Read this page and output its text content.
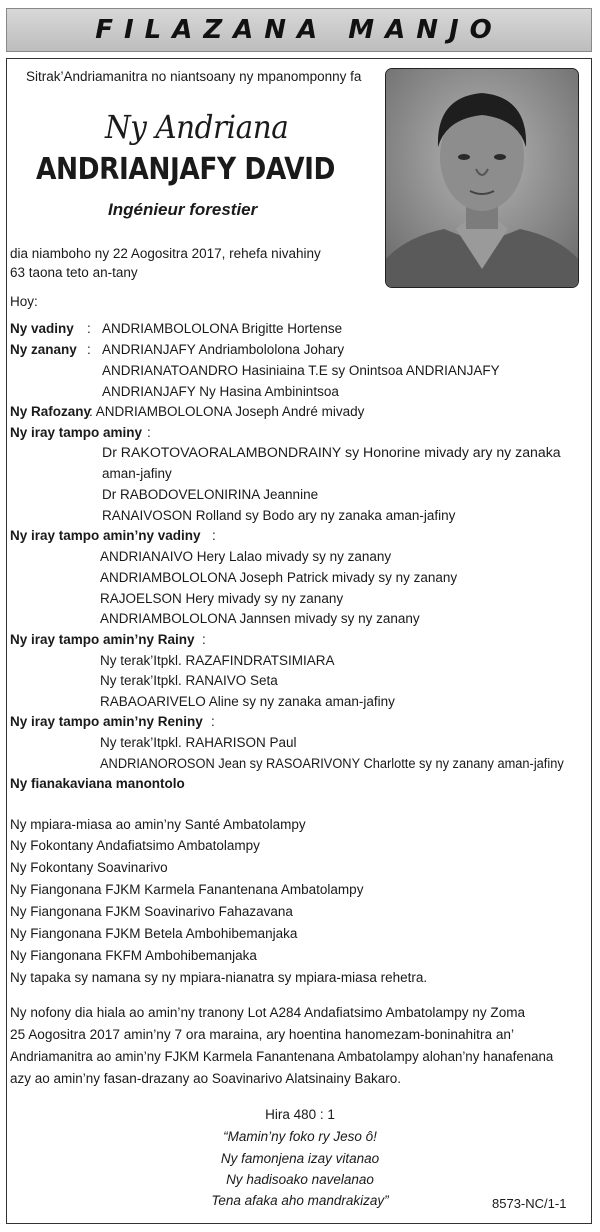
FILAZANA MANJO
Sitrak’Andriamanitra no niantsoany ny mpanomponny fa
Ny Andriana
ANDRIANJAFY DAVID
Ingénieur forestier
dia niamboho ny 22 Aogositra 2017, rehefa nivahiny
63 taona teto an-tany
Hoy:
Ny vadiny : ANDRIAMBOLOLONA Brigitte Hortense
Ny zanany : ANDRIANJAFY Andriambololona Johary
ANDRIANATOANDRO Hasiniaina T.E sy Onintsoa ANDRIANJAFY
ANDRIANJAFY Ny Hasina Ambinintsoa
Ny Rafozany
: ANDRIAMBOLOLONA Joseph André mivady
Ny iray tampo aminy :
Dr RAKOTOVAORALAMBONDRAINY sy Honorine mivady ary ny zanaka
aman-jafiny
Dr RABODOVELONIRINA Jeannine
RANAIVOSON Rolland sy Bodo ary ny zanaka aman-jafiny
Ny iray tampo amin’ny vadiny :
ANDRIANAIVO Hery Lalao mivady sy ny zanany
ANDRIAMBOLOLONA Joseph Patrick mivady sy ny zanany
RAJOELSON Hery mivady sy ny zanany
ANDRIAMBOLOLONA Jannsen mivady sy ny zanany
Ny iray tampo amin’ny Rainy :
Ny terak’Itpkl. RAZAFINDRATSIMIARA
Ny terak’Itpkl. RANAIVO Seta
RABAOARIVELO Aline sy ny zanaka aman-jafiny
Ny iray tampo amin’ny Reniny :
Ny terak’Itpkl. RAHARISON Paul
ANDRIANOROSON Jean sy RASOARIVONY Charlotte sy ny zanany aman-jafiny
Ny fianakaviana manontolo
Ny mpiara-miasa ao amin’ny Santé Ambatolampy
Ny Fokontany Andafiatsimo Ambatolampy
Ny Fokontany Soavinarivo
Ny Fiangonana FJKM Karmela Fanantenana Ambatolampy
Ny Fiangonana FJKM Soavinarivo Fahazavana
Ny Fiangonana FJKM Betela Ambohibemanjaka
Ny Fiangonana FKFM Ambohibemanjaka
Ny tapaka sy namana sy ny mpiara-nianatra sy mpiara-miasa rehetra.
Ny nofony dia hiala ao amin’ny tranony Lot A284 Andafiatsimo Ambatolampy ny Zoma
25 Aogositra 2017 amin’ny 7 ora maraina, ary hoentina hanomezam-boninahitra an’
Andriamanitra ao amin’ny FJKM Karmela Fanantenana Ambatolampy alohan’ny hanafenana
azy ao amin’ny fasan-drazany ao Soavinarivo Alatsinainy Bakaro.
Hira 480 : 1
“Mamin’ny foko ry Jeso ô!
Ny famonjena izay vitanao
Ny hadisoako navelanao
Tena afaka aho mandrakizay”	8573-NC/1-1
